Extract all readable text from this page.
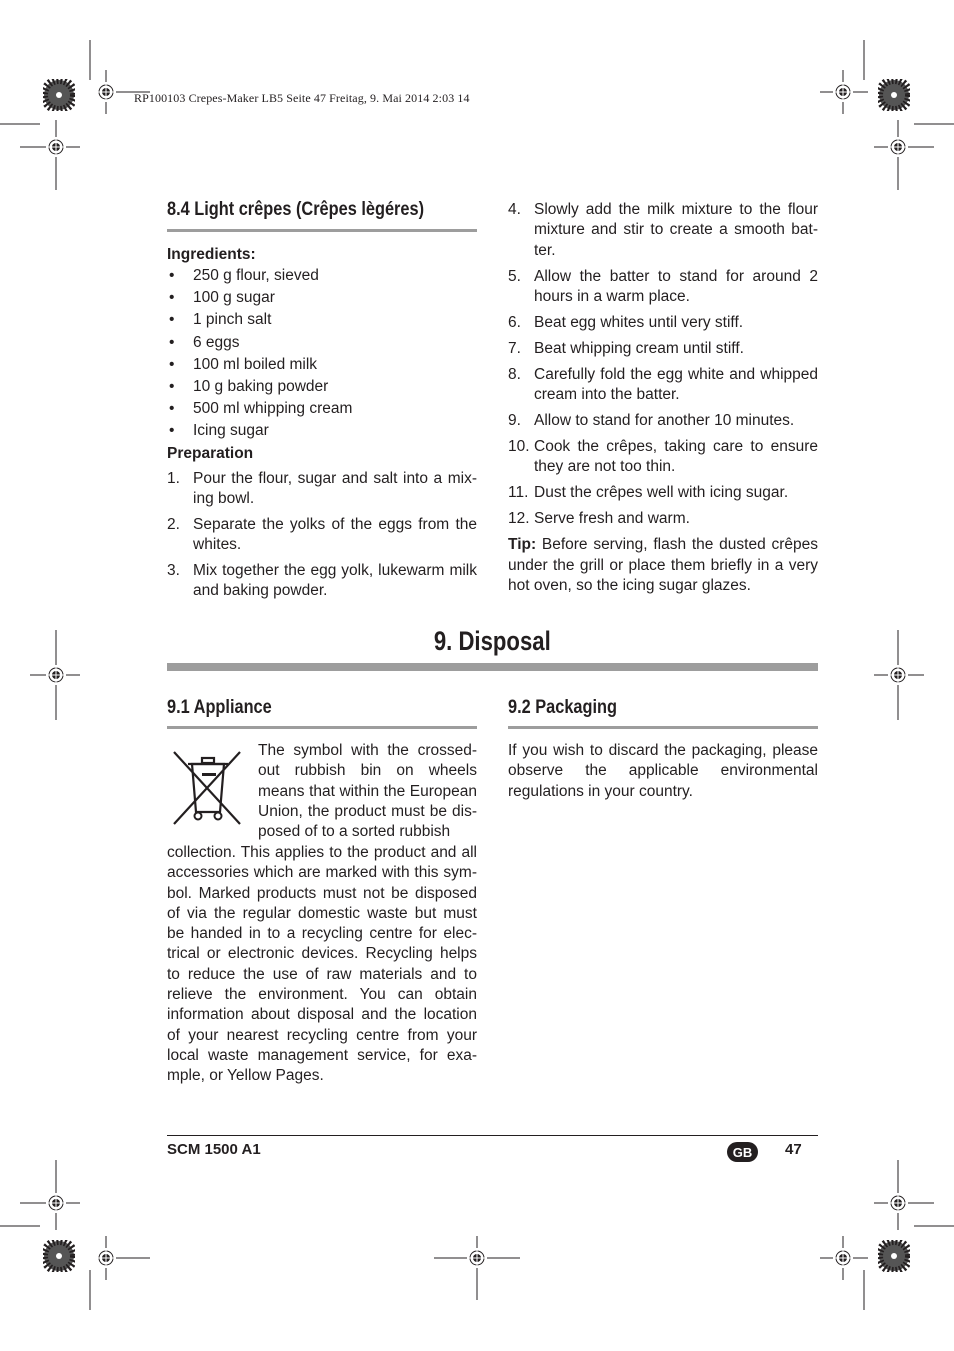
RP100103 Crepes-Maker LB5 Seite 47 Freitag, 9. Mai 2014 2:03 14
8.4 Light crêpes (Crêpes lègéres)
Ingredients:
• 250 g flour, sieved
• 100 g sugar
• 1 pinch salt
• 6 eggs
• 100 ml boiled milk
• 10 g baking powder
• 500 ml whipping cream
• Icing sugar
Preparation
1. Pour the flour, sugar and salt into a mix-ing bowl.
2. Separate the yolks of the eggs from the whites.
3. Mix together the egg yolk, lukewarm milk and baking powder.
4. Slowly add the milk mixture to the flour mixture and stir to create a smooth bat-ter.
5. Allow the batter to stand for around 2 hours in a warm place.
6. Beat egg whites until very stiff.
7. Beat whipping cream until stiff.
8. Carefully fold the egg white and whipped cream into the batter.
9. Allow to stand for another 10 minutes.
10. Cook the crêpes, taking care to ensure they are not too thin.
11. Dust the crêpes well with icing sugar.
12. Serve fresh and warm.
Tip: Before serving, flash the dusted crêpes under the grill or place them briefly in a very hot oven, so the icing sugar glazes.
9. Disposal
9.1 Appliance
The symbol with the crossed-out rubbish bin on wheels means that within the European Union, the product must be dis-posed of to a sorted rubbish
collection. This applies to the product and all accessories which are marked with this sym-bol. Marked products must not be disposed of via the regular domestic waste but must be handed in to a recycling centre for elec-trical or electronic devices. Recycling helps to reduce the use of raw materials and to relieve the environment. You can obtain information about disposal and the location of your nearest recycling centre from your local waste management service, for exa-mple, or Yellow Pages.
9.2 Packaging
If you wish to discard the packaging, please observe the applicable environmental regulations in your country.
SCM 1500 A1	GB	47
